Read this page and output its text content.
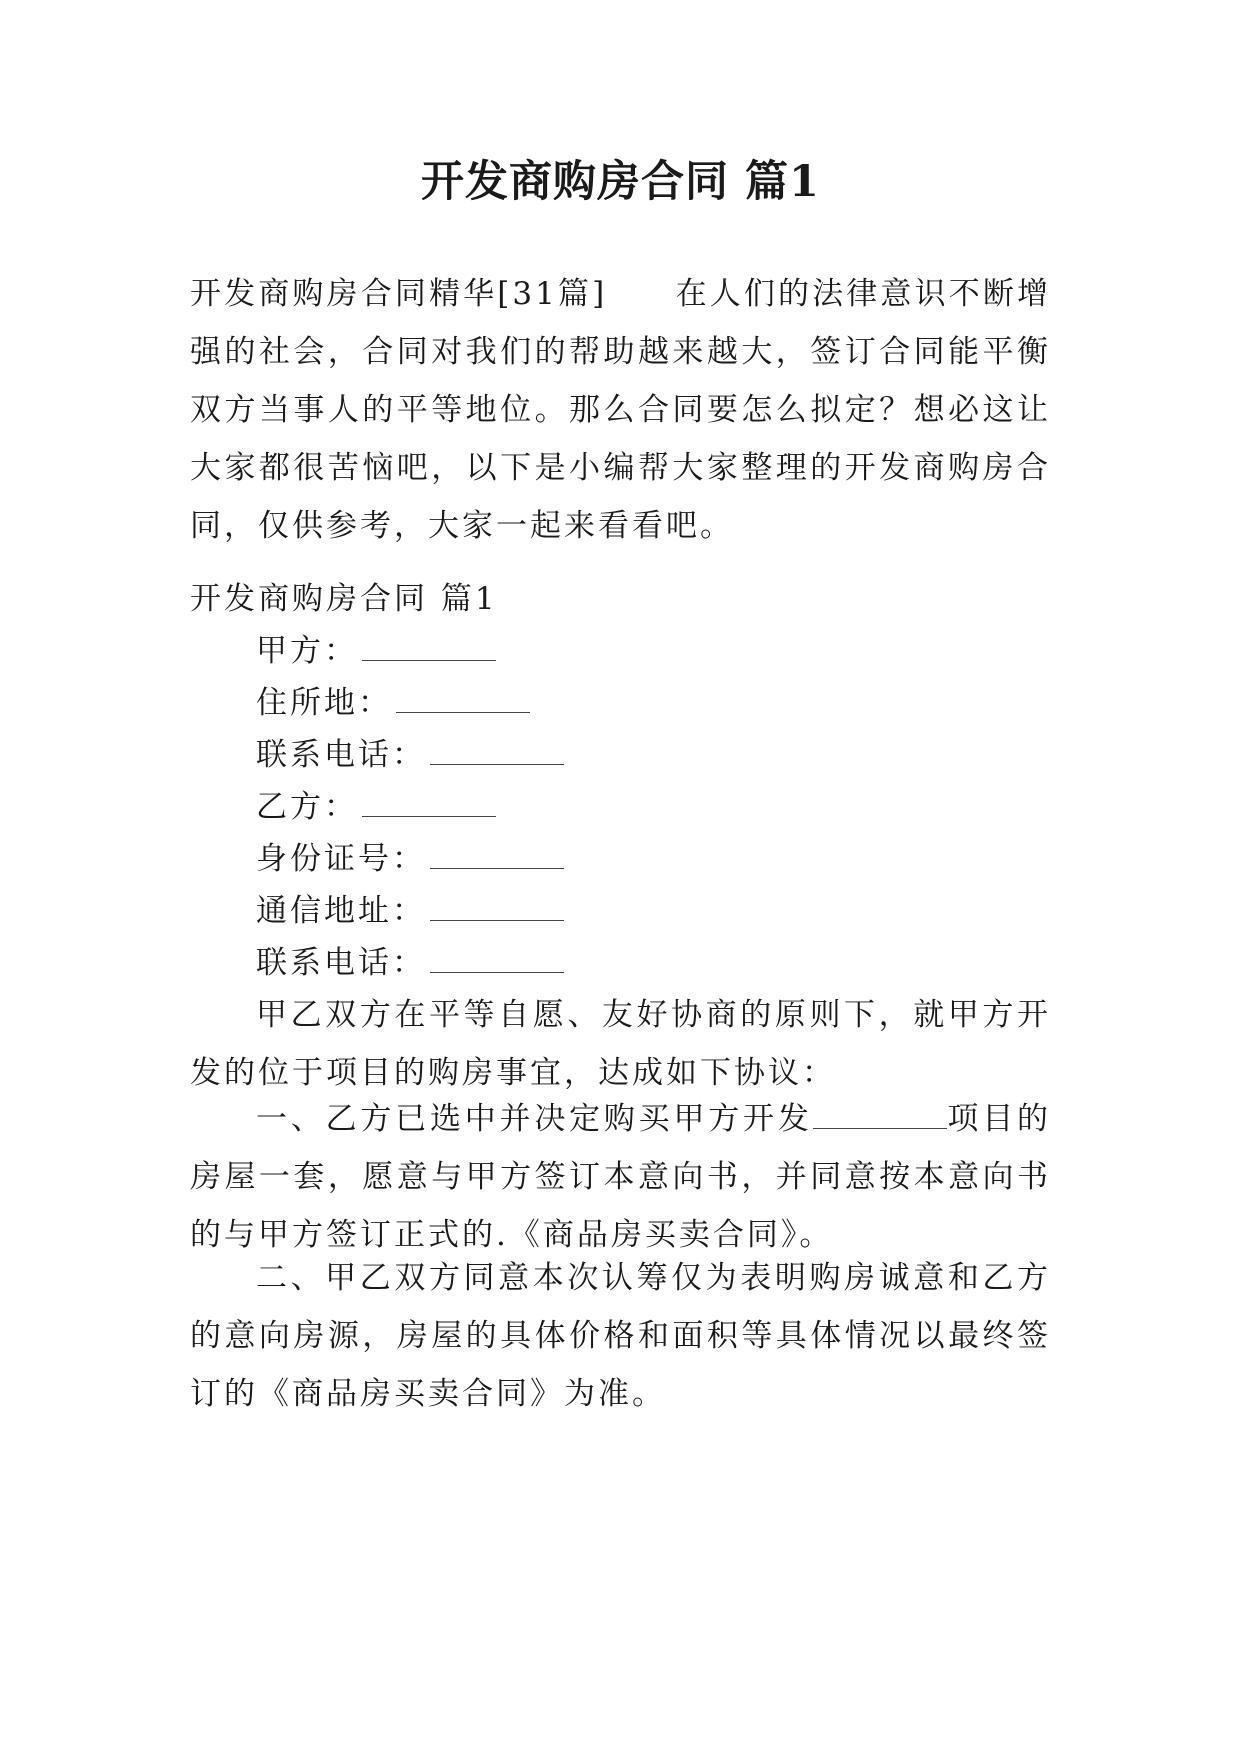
开发商购房合同 篇1

开发商购房合同精华[31篇]　　在人们的法律意识不断增强的社会，合同对我们的帮助越来越大，签订合同能平衡双方当事人的平等地位。那么合同要怎么拟定？想必这让大家都很苦恼吧，以下是小编帮大家整理的开发商购房合同，仅供参考，大家一起来看看吧。

开发商购房合同 篇1

甲方：
住所地：
联系电话：
乙方：
身份证号：
通信地址：
联系电话：

甲乙双方在平等自愿、友好协商的原则下，就甲方开发的位于项目的购房事宜，达成如下协议：

一、乙方已选中并决定购买甲方开发	项目的房屋一套，愿意与甲方签订本意向书，并同意按本意向书的与甲方签订正式的.《商品房买卖合同》。

二、甲乙双方同意本次认筹仅为表明购房诚意和乙方的意向房源，房屋的具体价格和面积等具体情况以最终签订的《商品房买卖合同》为准。
